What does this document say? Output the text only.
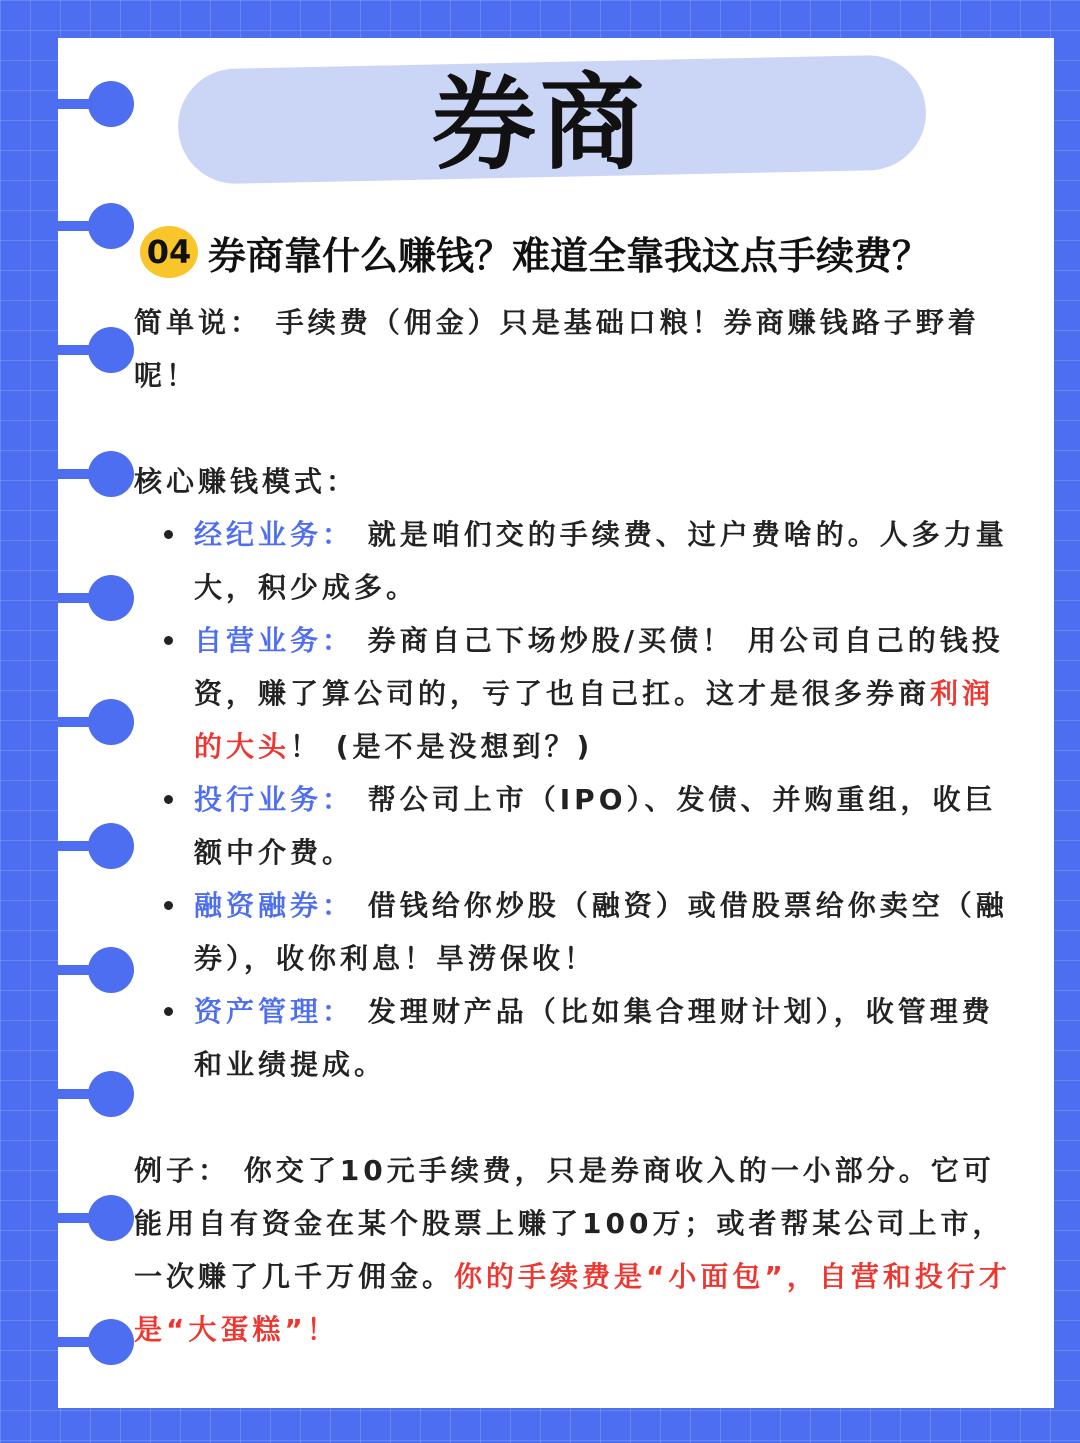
券商
04 券商靠什么赚钱？难道全靠我这点手续费？

简单说： 手续费（佣金）只是基础口粮！券商赚钱路子野着呢！

核心赚钱模式：

经纪业务： 就是咱们交的手续费、过户费啥的。人多力量大，积少成多。
自营业务： 券商自己下场炒股/买债！ 用公司自己的钱投资，赚了算公司的，亏了也自己扛。这才是很多券商利润的大头！ (是不是没想到？)
投行业务： 帮公司上市（IPO）、发债、并购重组，收巨额中介费。
融资融券： 借钱给你炒股（融资）或借股票给你卖空（融券），收你利息！旱涝保收！
资产管理： 发理财产品（比如集合理财计划），收管理费和业绩提成。

例子： 你交了10元手续费，只是券商收入的一小部分。它可能用自有资金在某个股票上赚了100万；或者帮某公司上市，一次赚了几千万佣金。你的手续费是“小面包”，自营和投行才是“大蛋糕”！
